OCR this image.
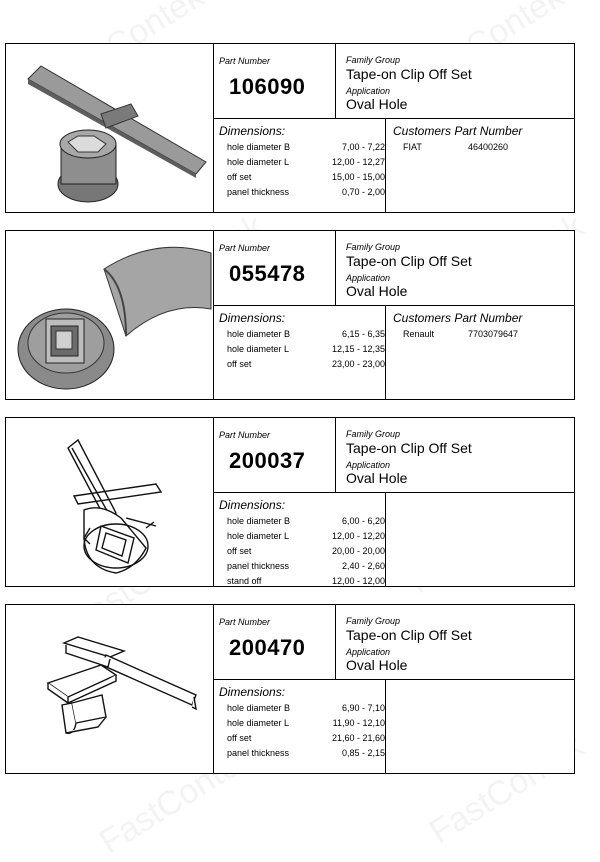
Part Number
106090
Family Group
Tape-on Clip Off Set
Application
Oval Hole
Dimensions:
hole diameter B	7,00 - 7,22
hole diameter L	12,00 - 12,27
off set	15,00 - 15,00
panel thickness	0,70 - 2,00
Customers Part Number
FIAT	46400260
Part Number
055478
Family Group
Tape-on Clip Off Set
Application
Oval Hole
Dimensions:
hole diameter B	6,15 - 6,35
hole diameter L	12,15 - 12,35
off set	23,00 - 23,00
Customers Part Number
Renault	7703079647
Part Number
200037
Family Group
Tape-on Clip Off Set
Application
Oval Hole
Dimensions:
hole diameter B	6,00 - 6,20
hole diameter L	12,00 - 12,20
off set	20,00 - 20,00
panel thickness	2,40 - 2,60
stand off	12,00 - 12,00
Part Number
200470
Family Group
Tape-on Clip Off Set
Application
Oval Hole
Dimensions:
hole diameter B	6,90 - 7,10
hole diameter L	11,90 - 12,10
off set	21,60 - 21,60
panel thickness	0,85 - 2,15
